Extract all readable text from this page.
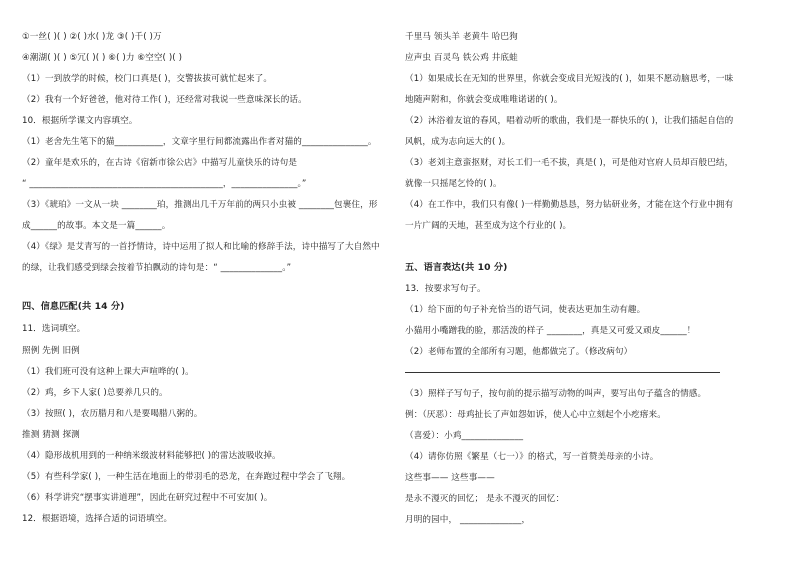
①一丝( )( ) ②( )水( )龙 ③( )千( )万
④潮湖( )( ) ⑤冗( )( ) ⑥( )力 ⑥空空( )( )
（1）一到放学的时候，校门口真是( )，交警拔拔可就忙起来了。
（2）我有一个好爸爸，他对待工作( )，还经常对我说一些意味深长的话。
10．根据所学课文内容填空。
（1）老舍先生笔下的猫___________，文章字里行间都流露出作者对猫的_______________。
（2）童年是欢乐的，在古诗《宿新市徐公店》中描写儿童快乐的诗句是
“ ____________________________________________，_______________。”
（3）《琥珀》一文从一块 ________珀，推测出几千万年前的两只小虫被 ________包裹住，形
成______的故事。本文是一篇______。
（4）《绿》是艾青写的一首抒情诗，诗中运用了拟人和比喻的修辞手法，诗中描写了大自然中
的绿，让我们感受到绿会按着节拍飘动的诗句是：“ ______________。”
四、信息匹配(共 14 分)
11．选词填空。
照例 先例 旧例
（1）我们班可没有这种上课大声喧哗的( )。
（2）鸡，乡下人家( )总要养几只的。
（3）按照( )，农历腊月和八是要喝腊八粥的。
推测 猜测 探测
（4）隐形战机用到的一种纳米级波材料能够把( )的雷达波吸收掉。
（5）有些科学家( )，一种生活在地面上的带羽毛的恐龙，在奔跑过程中学会了飞翔。
（6）科学讲究“摆事实讲道理”，因此在研究过程中不可安加( )。
12．根据语境，选择合适的词语填空。
千里马 领头羊 老黄牛 哈巴狗
应声虫 百灵鸟 铁公鸡 井底蛙
（1）如果成长在无知的世界里，你就会变成目光短浅的( )，如果不愿动脑思考，一味
地随声附和，你就会变成唯唯诺诺的( )。
（2）沐浴着友谊的春风，唱着动听的歌曲，我们是一群快乐的( )，让我们插起自信的
风帆，成为志向远大的( )。
（3）老刘主意蛮抠财，对长工们一毛不拔，真是( )，可是他对官府人员却百般巴结，
就像一只摇尾乞怜的( )。
（4）在工作中，我们只有像( )一样勤勤恳恳，努力钻研业务，才能在这个行业中拥有
一片广阔的天地，甚至成为这个行业的( )。
五、语言表达(共 10 分)
13．按要求写句子。
（1）给下面的句子补充恰当的语气词，使表达更加生动有趣。
小猫用小嘴蹭我的脸，那活泼的样子 ________，真是又可爱又顽皮______！
（2）老师布置的全部所有习题，他都做完了。（修改病句）
（3）照样子写句子，按句前的提示描写动物的叫声，要写出句子蕴含的情感。
例：（厌恶）：母鸡扯长了声如怨如诉，使人心中立刻起个小疙瘩来。
（喜爱）：小鸡______________
（4）请你仿照《繁星（七一）》的格式，写一首赞美母亲的小诗。
这些事—— 这些事——
是永不漫灭的回忆； 是永不漫灭的回忆：
月明的园中， ______________，
